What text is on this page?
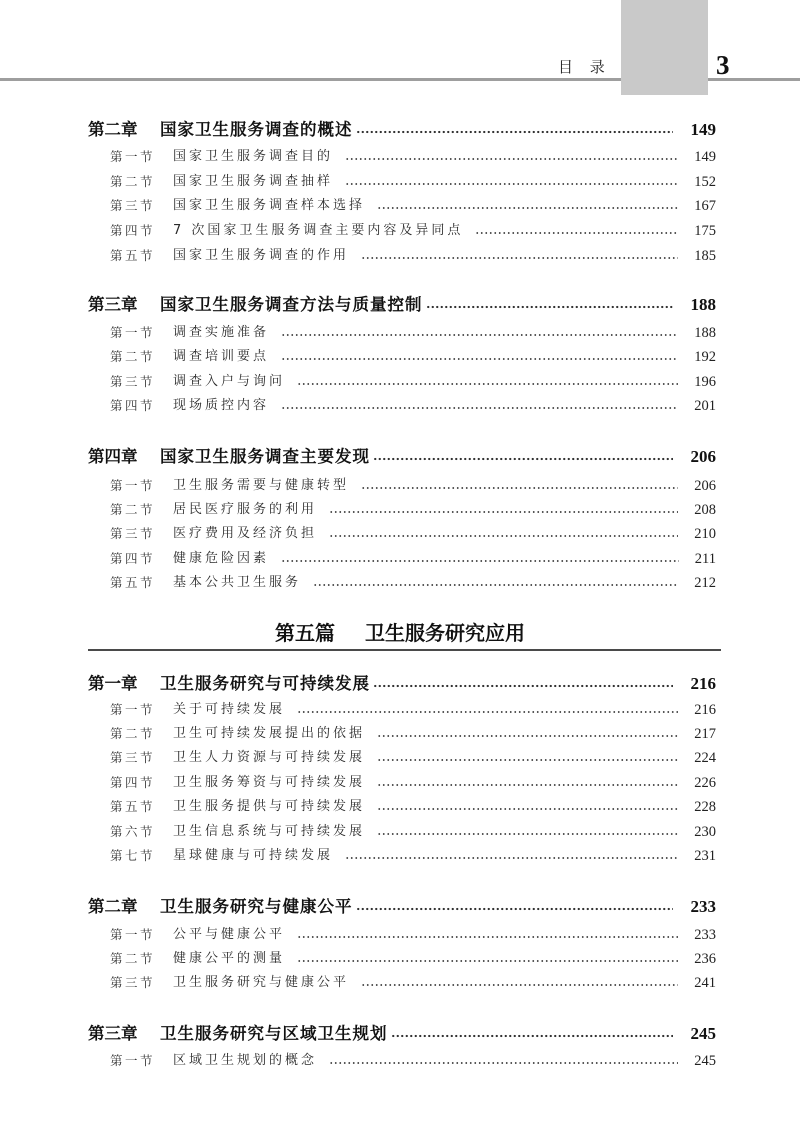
目 录	3
第二章	国家卫生服务调查的概述	149
第一节	国家卫生服务调查目的	149
第二节	国家卫生服务调查抽样	152
第三节	国家卫生服务调查样本选择	167
第四节	7 次国家卫生服务调查主要内容及异同点	175
第五节	国家卫生服务调查的作用	185
第三章	国家卫生服务调查方法与质量控制	188
第一节	调查实施准备	188
第二节	调查培训要点	192
第三节	调查入户与询问	196
第四节	现场质控内容	201
第四章	国家卫生服务调查主要发现	206
第一节	卫生服务需要与健康转型	206
第二节	居民医疗服务的利用	208
第三节	医疗费用及经济负担	210
第四节	健康危险因素	211
第五节	基本公共卫生服务	212
第五篇 卫生服务研究应用
第一章	卫生服务研究与可持续发展	216
第一节	关于可持续发展	216
第二节	卫生可持续发展提出的依据	217
第三节	卫生人力资源与可持续发展	224
第四节	卫生服务筹资与可持续发展	226
第五节	卫生服务提供与可持续发展	228
第六节	卫生信息系统与可持续发展	230
第七节	星球健康与可持续发展	231
第二章	卫生服务研究与健康公平	233
第一节	公平与健康公平	233
第二节	健康公平的测量	236
第三节	卫生服务研究与健康公平	241
第三章	卫生服务研究与区域卫生规划	245
第一节	区域卫生规划的概念	245
